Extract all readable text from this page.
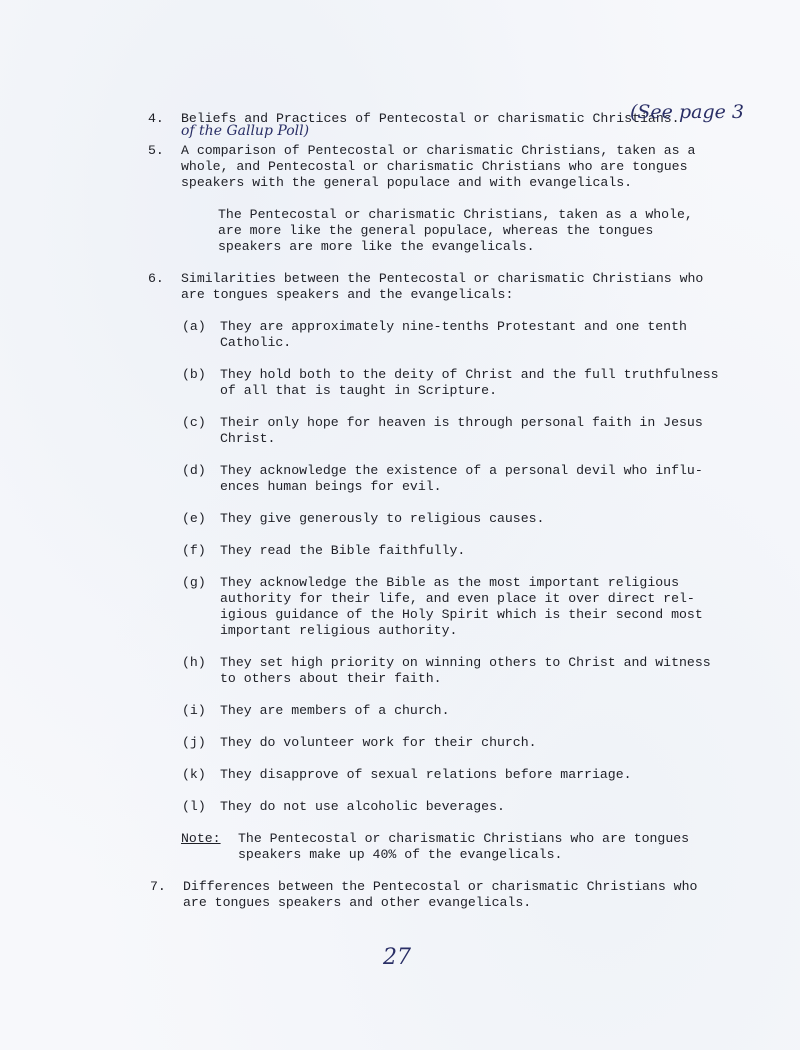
4. Beliefs and Practices of Pentecostal or charismatic Christians.
(See page 3
of the Gallup Poll)
5. A comparison of Pentecostal or charismatic Christians, taken as a
whole, and Pentecostal or charismatic Christians who are tongues
speakers with the general populace and with evangelicals.
The Pentecostal or charismatic Christians, taken as a whole,
are more like the general populace, whereas the tongues
speakers are more like the evangelicals.
6. Similarities between the Pentecostal or charismatic Christians who
are tongues speakers and the evangelicals:
(a) They are approximately nine-tenths Protestant and one tenth
Catholic.
(b) They hold both to the deity of Christ and the full truthfulness
of all that is taught in Scripture.
(c) Their only hope for heaven is through personal faith in Jesus
Christ.
(d) They acknowledge the existence of a personal devil who influ-
ences human beings for evil.
(e) They give generously to religious causes.
(f) They read the Bible faithfully.
(g) They acknowledge the Bible as the most important religious
authority for their life, and even place it over direct rel-
igious guidance of the Holy Spirit which is their second most
important religious authority.
(h) They set high priority on winning others to Christ and witness
to others about their faith.
(i) They are members of a church.
(j) They do volunteer work for their church.
(k) They disapprove of sexual relations before marriage.
(l) They do not use alcoholic beverages.
Note: The Pentecostal or charismatic Christians who are tongues
speakers make up 40% of the evangelicals.
7. Differences between the Pentecostal or charismatic Christians who
are tongues speakers and other evangelicals.
27
